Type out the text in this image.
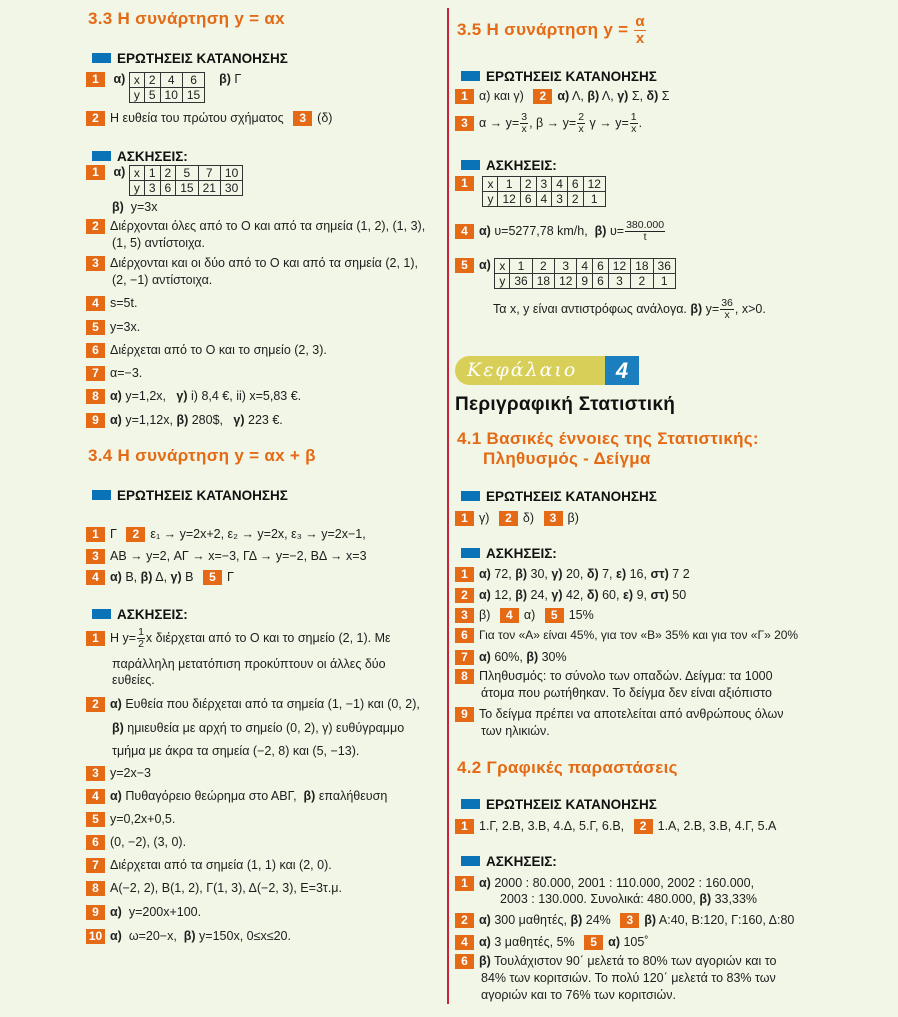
3.3 Η συνάρτηση y = αx
ΕΡΩΤΗΣΕΙΣ ΚΑΤΑΝΟΗΣΗΣ
1 α) x	2	4	6
y	5	10	15    β) Γ
2 Η ευθεία του πρώτου σχήματος 3 (δ)
ΑΣΚΗΣΕΙΣ:
1 α) x	1	2	5	7	10
y	3	6	15	21	30
β) y=3x
2 Διέρχονται όλες από το Ο και από τα σημεία (1, 2), (1, 3),
(1, 5) αντίστοιχα.
3 Διέρχονται και οι δύο από το Ο και από τα σημεία (2, 1),
(2, −1) αντίστοιχα.
4 s=5t.
5 y=3x.
6 Διέρχεται από το Ο και το σημείο (2, 3).
7 α=−3.
8 α) y=1,2x, γ) i) 8,4 €, ii) x=5,83 €.
9 α) y=1,12x, β) 280$, γ) 223 €.
3.4 Η συνάρτηση y = αx + β
ΕΡΩΤΗΣΕΙΣ ΚΑΤΑΝΟΗΣΗΣ
1 Γ 2 ε₁ → y=2x+2, ε₂ → y=2x, ε₃ → y=2x−1,
3 ΑΒ → y=2, ΑΓ → x=−3, ΓΔ → y=−2, ΒΔ → x=3
4 α) Β, β) Δ, γ) Β 5 Γ
ΑΣΚΗΣΕΙΣ:
1 Η $y= \frac{1}{2}$ x διέρχεται από το Ο και το σημείο (2, 1). Με
παράλληλη μετατόπιση προκύπτουν οι άλλες δύο
ευθείες.
2 α) Ευθεία που διέρχεται από τα σημεία (1, −1) και (0, 2),
β) ημιευθεία με αρχή το σημείο (0, 2), γ) ευθύγραμμο
τμήμα με άκρα τα σημεία (−2, 8) και (5, −13).
3 y=2x−3
4 α) Πυθαγόρειο θεώρημα στο ΑΒΓ, β) επαλήθευση
5 y=0,2x+0,5.
6 (0, −2), (3, 0).
7 Διέρχεται από τα σημεία (1, 1) και (2, 0).
8 Α(−2, 2), Β(1, 2), Γ(1, 3), Δ(−2, 3), Ε=3τ.μ.
9 α) y=200x+100.
10 α) ω=20−x, β) y=150x, 0≤x≤20.
3.5 Η συνάρτηση $y = \frac{\alpha}{x}$
ΕΡΩΤΗΣΕΙΣ ΚΑΤΑΝΟΗΣΗΣ
1 α) και γ) 2 α) Λ, β) Λ, γ) Σ, δ) Σ
3 $\alpha \to y= \frac{3}{x}$ , $\beta \to y= \frac{2}{x}$ $\gamma \to y= \frac{1}{x}$ .
ΑΣΚΗΣΕΙΣ:
1 x	1	2	3	4	6	12
y	12	6	4	3	2	1
4 α) υ=5277,78 km/h, β) $\upsilon= \frac{380.000}{t}$
5 α) x	1	2	3	4	6	12	18	36
y	36	18	12	9	6	3	2	1
Τα x, y είναι αντιστρόφως ανάλογα. β) $y= \frac{36}{x}$ , x>0.
Κεφάλαιο	4
Περιγραφική Στατιστική
4.1 Βασικές έννοιες της Στατιστικής:
Πληθυσμός - Δείγμα
ΕΡΩΤΗΣΕΙΣ ΚΑΤΑΝΟΗΣΗΣ
1 γ) 2 δ) 3 β)
ΑΣΚΗΣΕΙΣ:
1 α) 72, β) 30, γ) 20, δ) 7, ε) 16, στ) 7 2
2 α) 12, β) 24, γ) 42, δ) 60, ε) 9, στ) 50
3 β) 4 α) 5 15%
6 Για τον «Α» είναι 45%, για τον «Β» 35% και για τον «Γ» 20%
7 α) 60%, β) 30%
8 Πληθυσμός: το σύνολο των οπαδών. Δείγμα: τα 1000
άτομα που ρωτήθηκαν. Το δείγμα δεν είναι αξιόπιστο
9 Το δείγμα πρέπει να αποτελείται από ανθρώπους όλων
των ηλικιών.
4.2 Γραφικές παραστάσεις
ΕΡΩΤΗΣΕΙΣ ΚΑΤΑΝΟΗΣΗΣ
1 1.Γ, 2.Β, 3.Β, 4.Δ, 5.Γ, 6.Β, 2 1.Α, 2.Β, 3.Β, 4.Γ, 5.Α
ΑΣΚΗΣΕΙΣ:
1 α) 2000 : 80.000, 2001 : 110.000, 2002 : 160.000,
2003 : 130.000. Συνολικά: 480.000, β) 33,33%
2 α) 300 μαθητές, β) 24% 3 β) Α:40, Β:120, Γ:160, Δ:80
4 α) 3 μαθητές, 5% 5 α) 105˚
6 β) Τουλάχιστον 90΄ μελετά το 80% των αγοριών και το
84% των κοριτσιών. Το πολύ 120΄ μελετά το 83% των
αγοριών και το 76% των κοριτσιών.
